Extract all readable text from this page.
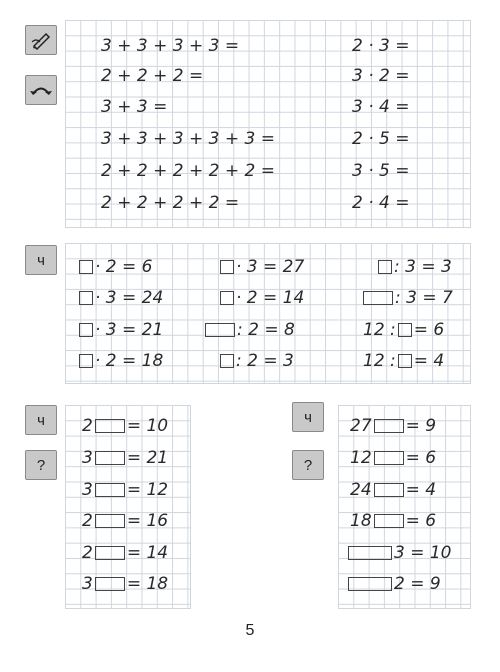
3 + 3 + 3 + 3 =
2 + 2 + 2 =
3 + 3 =
3 + 3 + 3 + 3 + 3 =
2 + 2 + 2 + 2 + 2 =
2 + 2 + 2 + 2 =
2 · 3 =
3 · 2 =
3 · 4 =
2 · 5 =
3 · 5 =
2 · 4 =
ч	· 2 = 6
· 3 = 24
· 3 = 21
· 2 = 18
· 3 = 27
· 2 = 14
: 2 = 8
: 2 = 3
: 3 = 3
: 3 = 7
12 : = 6
12 : = 4
ч
?
2 = 10
3 = 21
3 = 12
2 = 16
2 = 14
3 = 18
ч
?
27 = 9
12 = 6
24 = 4
18 = 6
3 = 10
2 = 9
5
